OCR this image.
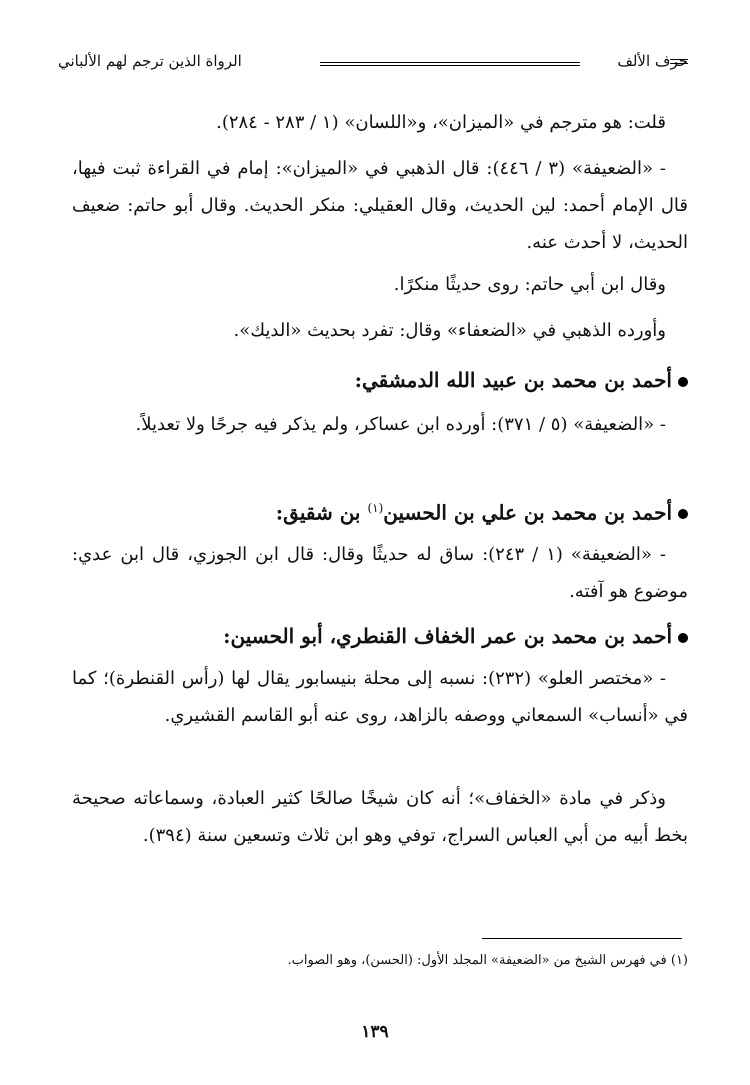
حرف الألف
الرواة الذين ترجم لهم الألباني
قلت: هو مترجم في «الميزان»، و«اللسان» (١ / ٢٨٣ - ٢٨٤).
- «الضعيفة» (٣ / ٤٤٦): قال الذهبي في «الميزان»: إمام في القراءة ثبت فيها، قال الإمام أحمد: لين الحديث، وقال العقيلي: منكر الحديث. وقال أبو حاتم: ضعيف الحديث، لا أحدث عنه.
وقال ابن أبي حاتم: روى حديثًا منكرًا.
وأورده الذهبي في «الضعفاء» وقال: تفرد بحديث «الديك».
أحمد بن محمد بن عبيد الله الدمشقي:
- «الضعيفة» (٥ / ٣٧١): أورده ابن عساكر، ولم يذكر فيه جرحًا ولا تعديلاً.
أحمد بن محمد بن علي بن الحسين$^{(١)}$ بن شقيق:
- «الضعيفة» (١ / ٢٤٣): ساق له حديثًا وقال: قال ابن الجوزي، قال ابن عدي: موضوع هو آفته.
أحمد بن محمد بن عمر الخفاف القنطري، أبو الحسين:
- «مختصر العلو» (٢٣٢): نسبه إلى محلة بنيسابور يقال لها (رأس القنطرة)؛ كما في «أنساب» السمعاني ووصفه بالزاهد، روى عنه أبو القاسم القشيري.
وذكر في مادة «الخفاف»؛ أنه كان شيخًا صالحًا كثير العبادة، وسماعاته صحيحة بخط أبيه من أبي العباس السراج، توفي وهو ابن ثلاث وتسعين سنة (٣٩٤).
(١) في فهرس الشيخ من «الضعيفة» المجلد الأول: (الحسن)، وهو الصواب.
١٣٩
